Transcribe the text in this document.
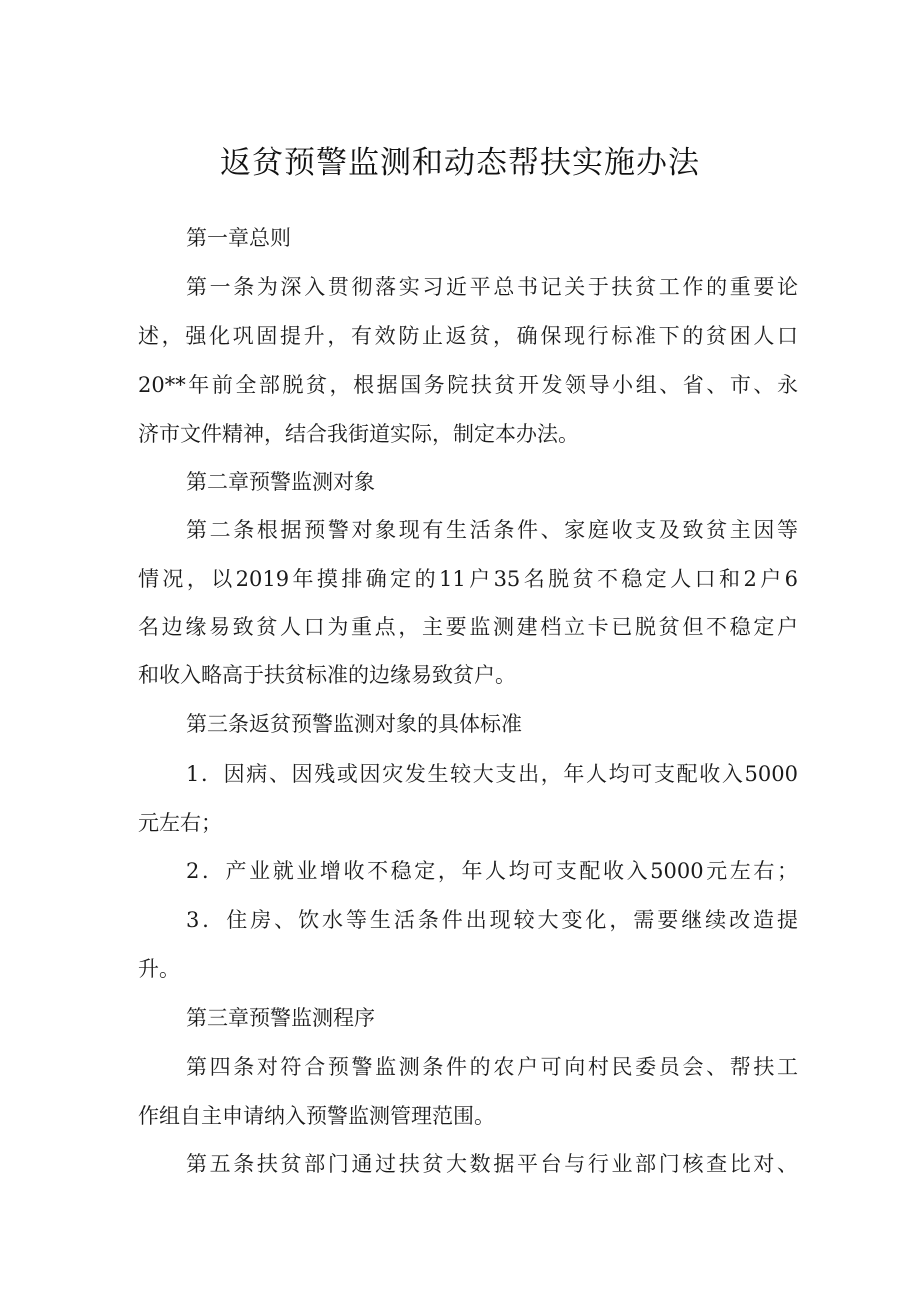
返贫预警监测和动态帮扶实施办法

第一章总则

第一条为深入贯彻落实习近平总书记关于扶贫工作的重要论

述，强化巩固提升，有效防止返贫，确保现行标准下的贫困人口

20**年前全部脱贫，根据国务院扶贫开发领导小组、省、市、永

济市文件精神，结合我街道实际，制定本办法。

第二章预警监测对象

第二条根据预警对象现有生活条件、家庭收支及致贫主因等

情况，以2019年摸排确定的11户35名脱贫不稳定人口和2户6

名边缘易致贫人口为重点，主要监测建档立卡已脱贫但不稳定户

和收入略高于扶贫标准的边缘易致贫户。

第三条返贫预警监测对象的具体标准

1．因病、因残或因灾发生较大支出，年人均可支配收入5000

元左右；

2．产业就业增收不稳定，年人均可支配收入5000元左右；

3．住房、饮水等生活条件出现较大变化，需要继续改造提

升。

第三章预警监测程序

第四条对符合预警监测条件的农户可向村民委员会、帮扶工

作组自主申请纳入预警监测管理范围。

第五条扶贫部门通过扶贫大数据平台与行业部门核查比对、
